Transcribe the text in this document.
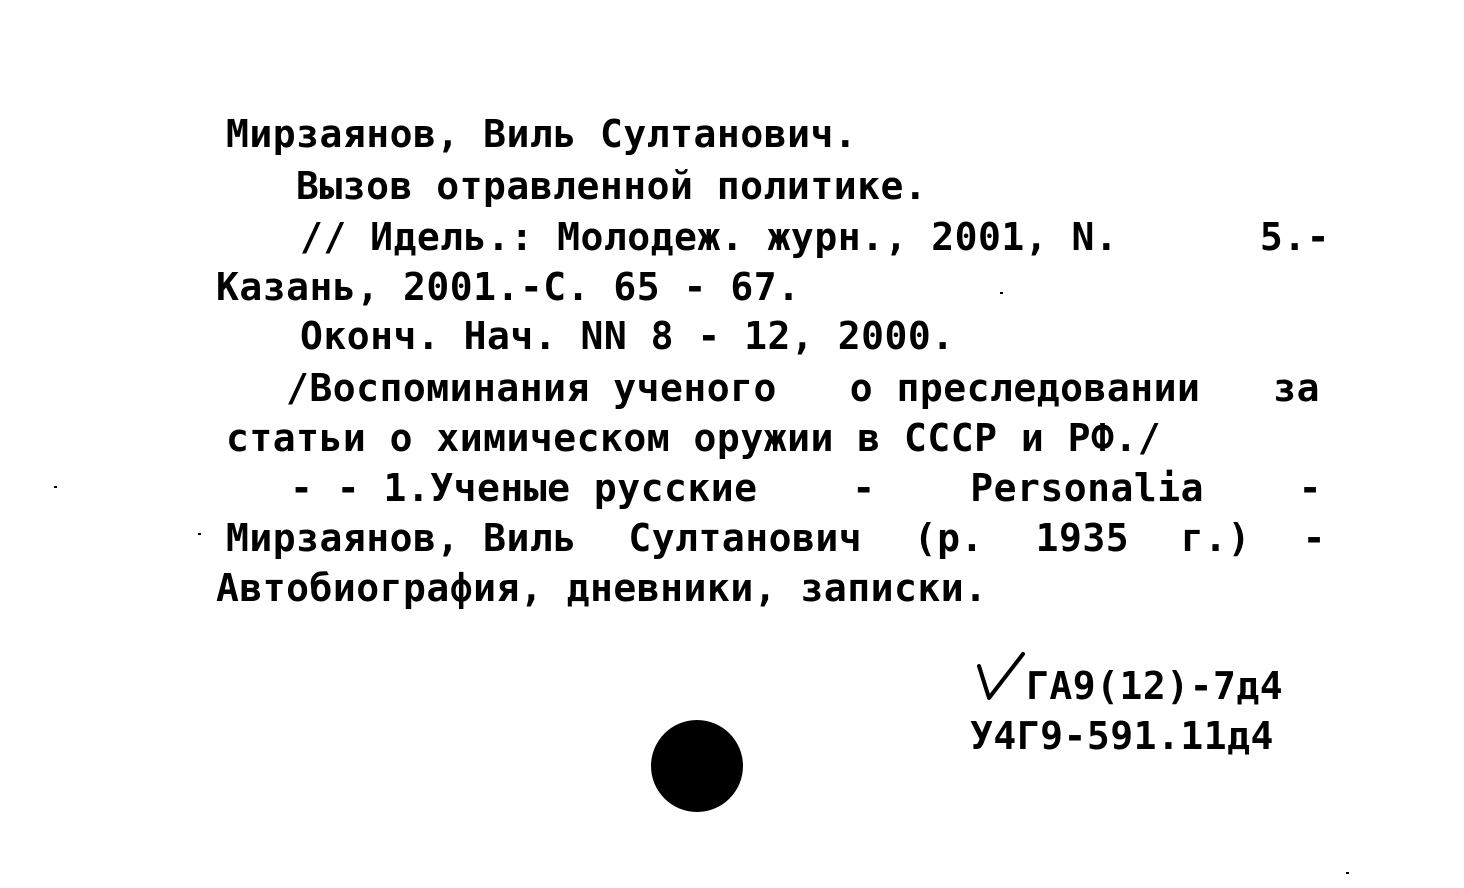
Мирзаянов, Виль Султанович.
Вызов отравленной политике.
// Идель.: Молодеж. журн., 2001, N.	5.-
Казань, 2001.-С. 65 - 67.
Оконч. Нач. NN 8 - 12, 2000.
/Воспоминания ученого о преследовании за
статьи о химическом оружии в СССР и РФ./
- - 1.Ученые русские - Personalia -
Мирзаянов, Виль Султанович (р. 1935 г.) -
Автобиография, дневники, записки.
ГА9(12)-7д4
У4Г9-591.11д4
